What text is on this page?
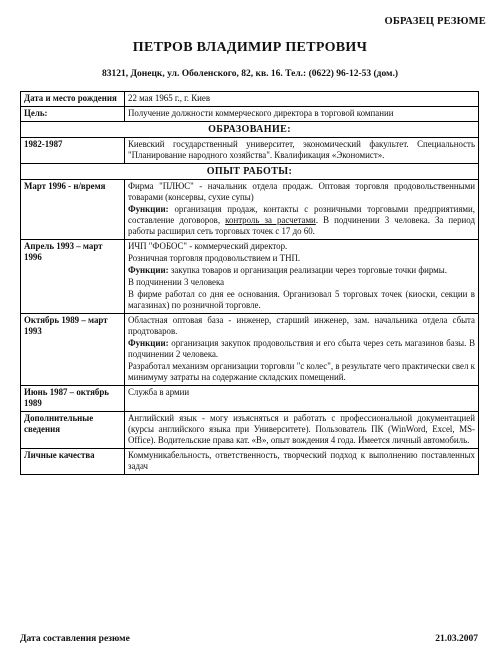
ОБРАЗЕЦ РЕЗЮМЕ
ПЕТРОВ ВЛАДИМИР ПЕТРОВИЧ
83121, Донецк, ул. Оболенского, 82, кв. 16. Тел.: (0622) 96-12-53 (дом.)
Дата и место рождения	22 мая 1965 г., г. Киев
Цель:	Получение должности коммерческого директора в торговой компании
ОБРАЗОВАНИЕ:	
1982-1987	Киевский государственный университет, экономический факультет. Специальность "Планирование народного хозяйства". Квалификация «Экономист».
ОПЫТ РАБОТЫ:	
Март 1996 - н/время	Фирма "ПЛЮС" - начальник отдела продаж. Оптовая торговля продовольственными товарами (консервы, сухие супы)

Функции: организация продаж, контакты с розничными торговыми предприятиями, составление договоров, контроль за расчетами. В подчинении 3 человека. За период работы расширил сеть торговых точек с 17 до 60.

Апрель 1993 – март 1996	ИЧП "ФОБОС" - коммерческий директор.

Розничная торговля продовольствием и ТНП.

Функции: закупка товаров и организация реализации через торговые точки фирмы.

В подчинении 3 человека

В фирме работал со дня ее основания. Организовал 5 торговых точек (киоски, секции в магазинах) по розничной торговле.

Октябрь 1989 – март 1993	Областная оптовая база - инженер, старший инженер, зам. начальника отдела сбыта продтоваров.

Функции: организация закупок продовольствия и его сбыта через сеть магазинов базы. В подчинении 2 человека.

Разработал механизм организации торговли "с колес", в результате чего практически свел к минимуму затраты на содержание складских помещений.

Июнь 1987 – октябрь 1989	Служба в армии
Дополнительные сведения	Английский язык - могу изъясняться и работать с профессиональной документацией (курсы английского языка при Университете). Пользователь ПК (WinWord, Excel, MS-Office). Водительские права кат. «В», опыт вождения 4 года. Имеется личный автомобиль.
Личные качества	Коммуникабельность, ответственность, творческий подход к выполнению поставленных задач
Дата составления резюме	21.03.2007
